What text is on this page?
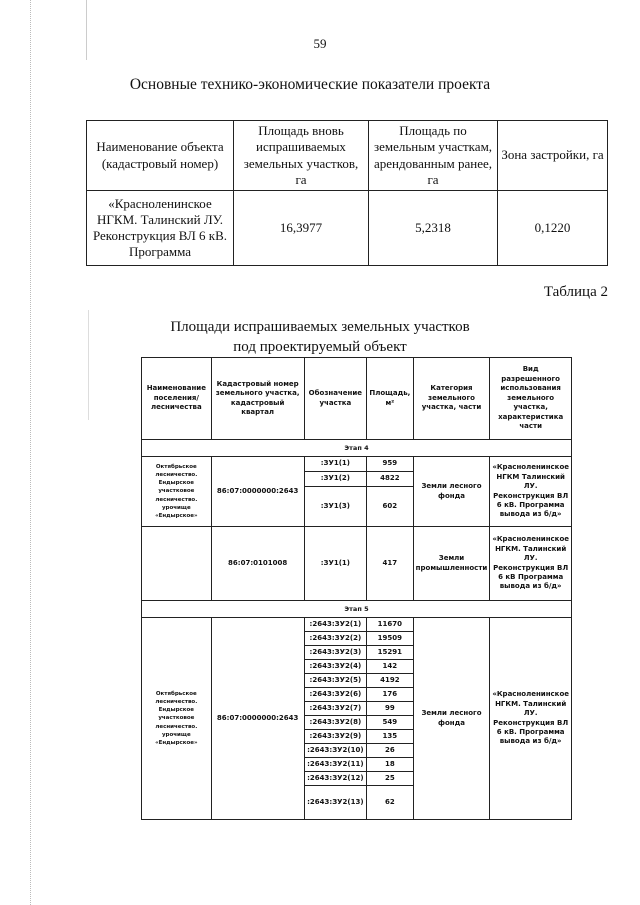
59
Основные технико-экономические показатели проекта
Наименование объекта (кадастровый номер)	Площадь вновь испрашиваемых земельных участков, га	Площадь по земельным участкам, арендованным ранее, га	Зона застройки, га
«Красноленинское НГКМ. Талинский ЛУ. Реконструкция ВЛ 6 кВ. Программа	16,3977	5,2318	0,1220
Таблица 2
Площади испрашиваемых земельных участков
под проектируемый объект
Наименование поселения/ лесничества	Кадастровый номер земельного участка, кадастровый квартал	Обозначение участка	Площадь, м²	Категория земельного участка, части	Вид разрешенного использования земельного участка, характеристика части
Этап 4					
Октябрьское лесничество. Ендырское участковое лесничество. урочище «Ендырское»	86:07:0000000:2643	:ЗУ1(1)	959	Земли лесного фонда	«Красноленинское НГКМ Талинский ЛУ. Реконструкция ВЛ 6 кВ. Программа вывода из б/д»
		:ЗУ1(2)	4822		
		:ЗУ1(3)	602		
	86:07:0101008	:ЗУ1(1)	417	Земли промышленности	«Красноленинское НГКМ. Талинский ЛУ. Реконструкция ВЛ 6 кВ Программа вывода из б/д»
Этап 5					
Октябрьское лесничество. Ендырское участковое лесничество. урочище «Ендырское»	86:07:0000000:2643	:2643:ЗУ2(1)	11670	Земли лесного фонда	«Красноленинское НГКМ. Талинский ЛУ. Реконструкция ВЛ 6 кВ. Программа вывода из б/д»
		:2643:ЗУ2(2)	19509		
		:2643:ЗУ2(3)	15291		
		:2643:ЗУ2(4)	142		
		:2643:ЗУ2(5)	4192		
		:2643:ЗУ2(6)	176		
		:2643:ЗУ2(7)	99		
		:2643:ЗУ2(8)	549		
		:2643:ЗУ2(9)	135		
		:2643:ЗУ2(10)	26		
		:2643:ЗУ2(11)	18		
		:2643:ЗУ2(12)	25		
		:2643:ЗУ2(13)	62		
